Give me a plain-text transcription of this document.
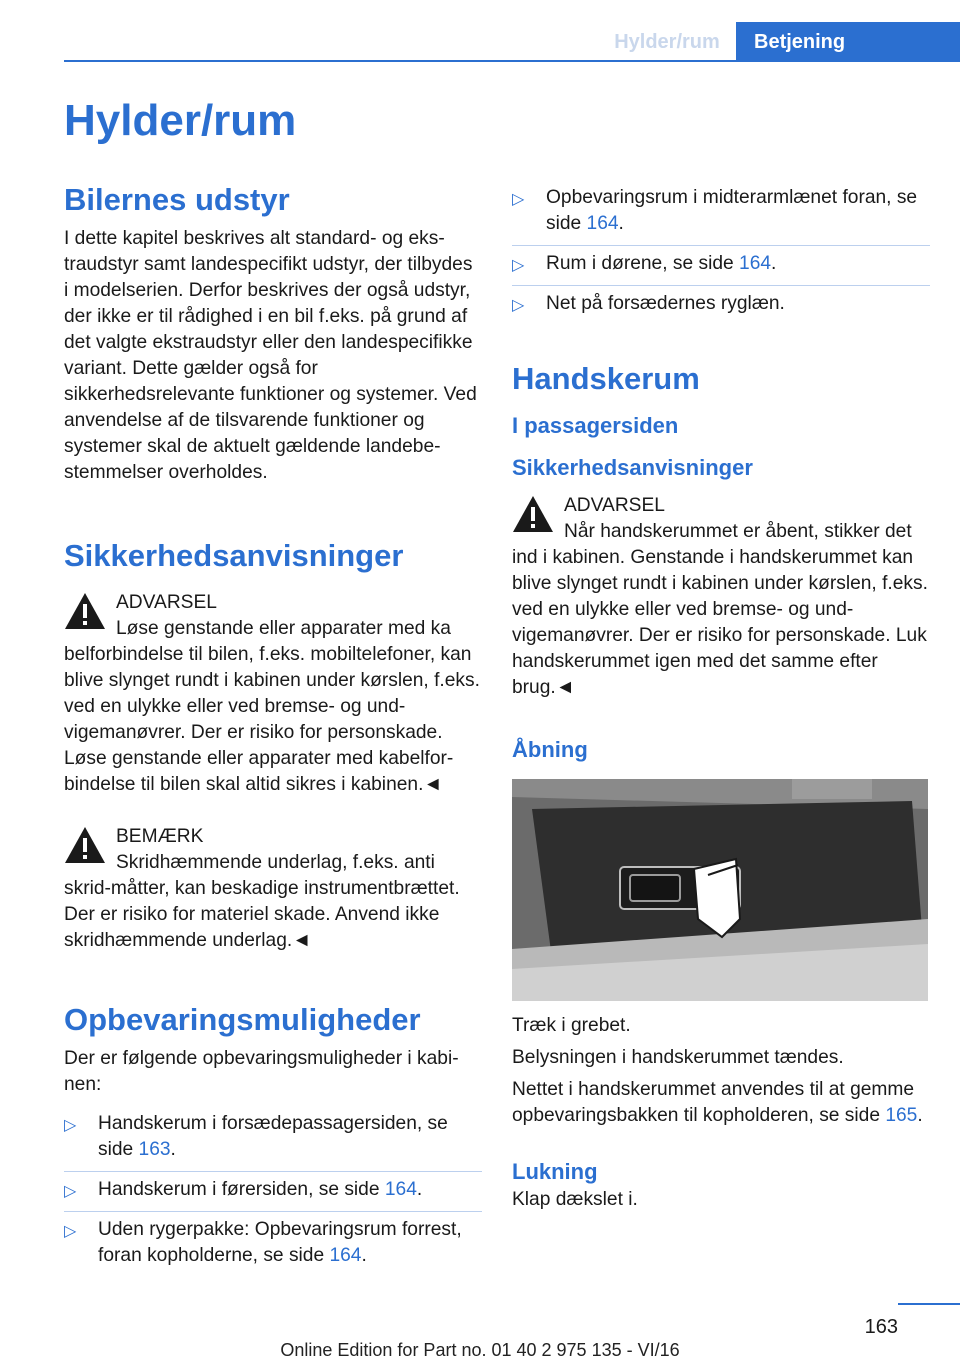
Hylder/rum	Betjening
Hylder/rum
Bilernes udstyr

I dette kapitel beskrives alt standard- og ekstraudstyr samt landespecifikt udstyr, der tilbydes i modelserien. Derfor beskrives der også udstyr, der ikke er til rådighed i en bil f.eks. på grund af det valgte ekstraudstyr eller den landespecifikke variant. Dette gælder også for sikkerhedsrelevante funktioner og systemer. Ved anvendelse af de tilsvarende funktioner og systemer skal de aktuelt gældende landebestemmelser overholdes.

Sikkerhedsanvisninger

ADVARSEL

Løse genstande eller apparater med ka

belforbindelse til bilen, f.eks. mobiltelefoner, kan blive slynget rundt i kabinen under kørslen, f.eks. ved en ulykke eller ved bremse- og undvigemanøvrer. Der er risiko for personskade. Løse genstande eller apparater med kabelforbindelse til bilen skal altid sikres i kabinen.◄

BEMÆRK

Skridhæmmende underlag, f.eks. anti

skrid-måtter, kan beskadige instrumentbrættet. Der er risiko for materiel skade. Anvend ikke skridhæmmende underlag.◄

Opbevaringsmuligheder

Der er følgende opbevaringsmuligheder i kabinen:

▷ Handskerum i forsædepassagersiden, se side 163.
▷ Handskerum i førersiden, se side 164.
▷ Uden rygerpakke: Opbevaringsrum forrest, foran kopholderne, se side 164.
▷ Opbevaringsrum i midterarmlænet foran, se side 164.
▷ Rum i dørene, se side 164.
▷ Net på forsædernes ryglæn.
Handskerum
I passagersiden
Sikkerhedsanvisninger

ADVARSEL

Når handskerummet er åbent, stikker det

ind i kabinen. Genstande i handskerummet kan blive slynget rundt i kabinen under kørslen, f.eks. ved en ulykke eller ved bremse- og undvigemanøvrer. Der er risiko for personskade. Luk handskerummet igen med det samme efter brug.◄

Åbning

Træk i grebet.

Belysningen i handskerummet tændes.

Nettet i handskerummet anvendes til at gemme opbevaringsbakken til kopholderen, se side 165.

Lukning

Klap dækslet i.

163
Online Edition for Part no. 01 40 2 975 135 - VI/16
